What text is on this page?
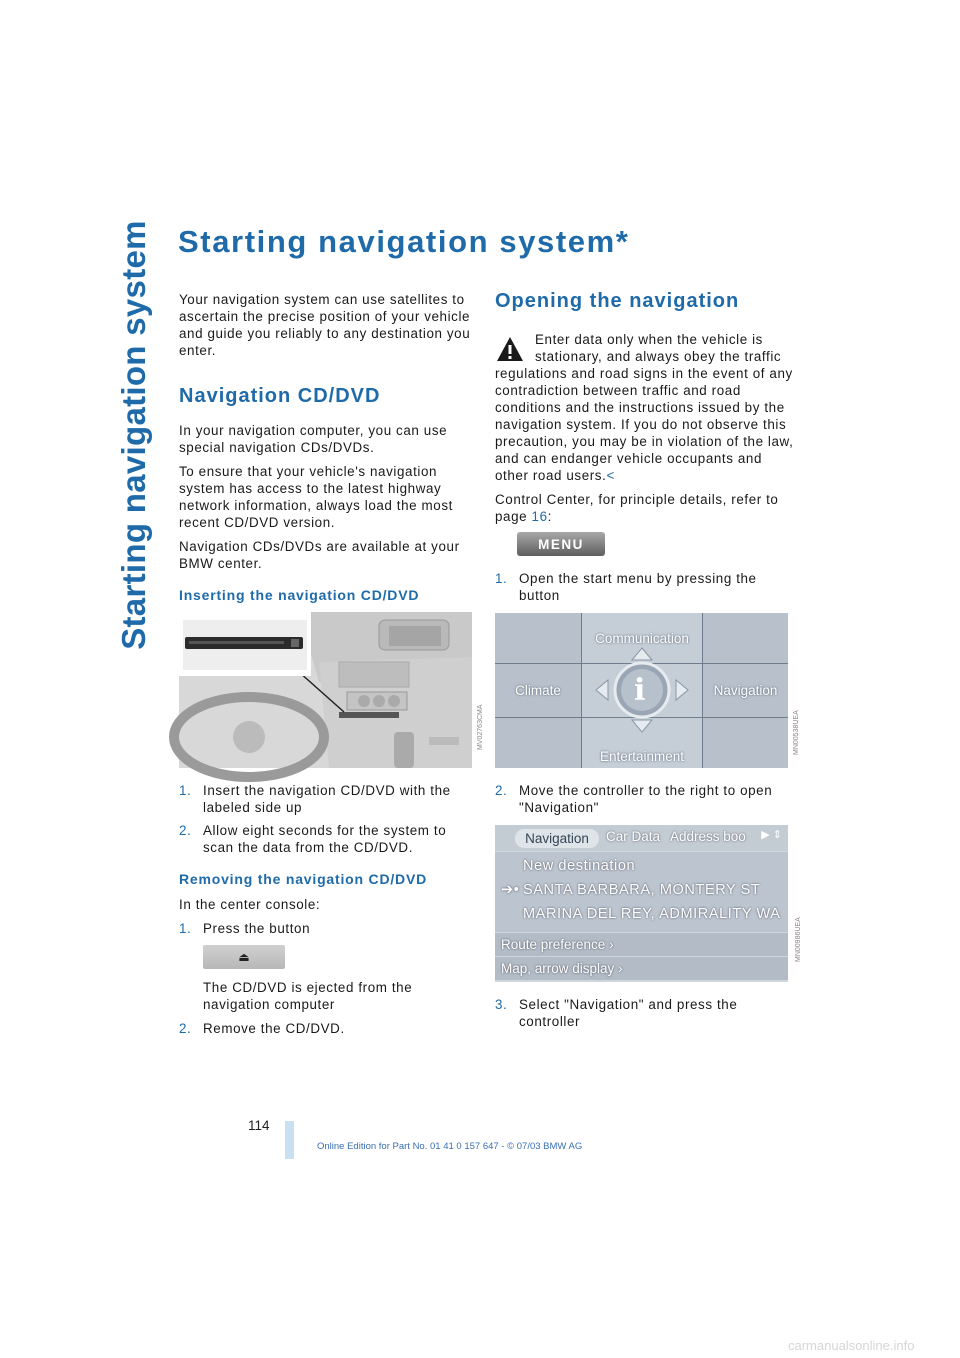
Starting navigation system Starting navigation system*

Your navigation system can use satellites to ascertain the precise position of your vehicle and guide you reliably to any destination you enter.

Navigation CD/DVD

In your navigation computer, you can use special navigation CDs/DVDs.

To ensure that your vehicle's navigation system has access to the latest highway network information, always load the most recent CD/DVD version.

Navigation CDs/DVDs are available at your BMW center.

Inserting the navigation CD/DVD
MV02763CMA
1. Insert the navigation CD/DVD with the labeled side up
2. Allow eight seconds for the system to scan the data from the CD/DVD.
Removing the navigation CD/DVD

In the center console:

1. Press the button
⏏

The CD/DVD is ejected from the navigation computer

2. Remove the CD/DVD.
Opening the navigation

Enter data only when the vehicle is

stationary, and always obey the traffic

regulations and road signs in the event of any contradiction between traffic and road conditions and the instructions issued by the navigation system. If you do not observe this precaution, you may be in violation of the law, and can endanger vehicle occupants and other road users.<

Control Center, for principle details, refer to page 16:

MENU
1. Open the start menu by pressing the button
Communication
Climate	Navigation
Entertainment
i
MN00538UEA
2. Move the controller to the right to open "Navigation"
Navigation	Car Data Address boo ▶ ⇕
New destination
➔• SANTA BARBARA, MONTERY ST
MARINA DEL REY, ADMIRALITY WA
Route preference ›
Map, arrow display ›
3. Select "Navigation" and press the controller
MN00986UEA
114
Online Edition for Part No. 01 41 0 157 647 - © 07/03 BMW AG
carmanualsonline.info
